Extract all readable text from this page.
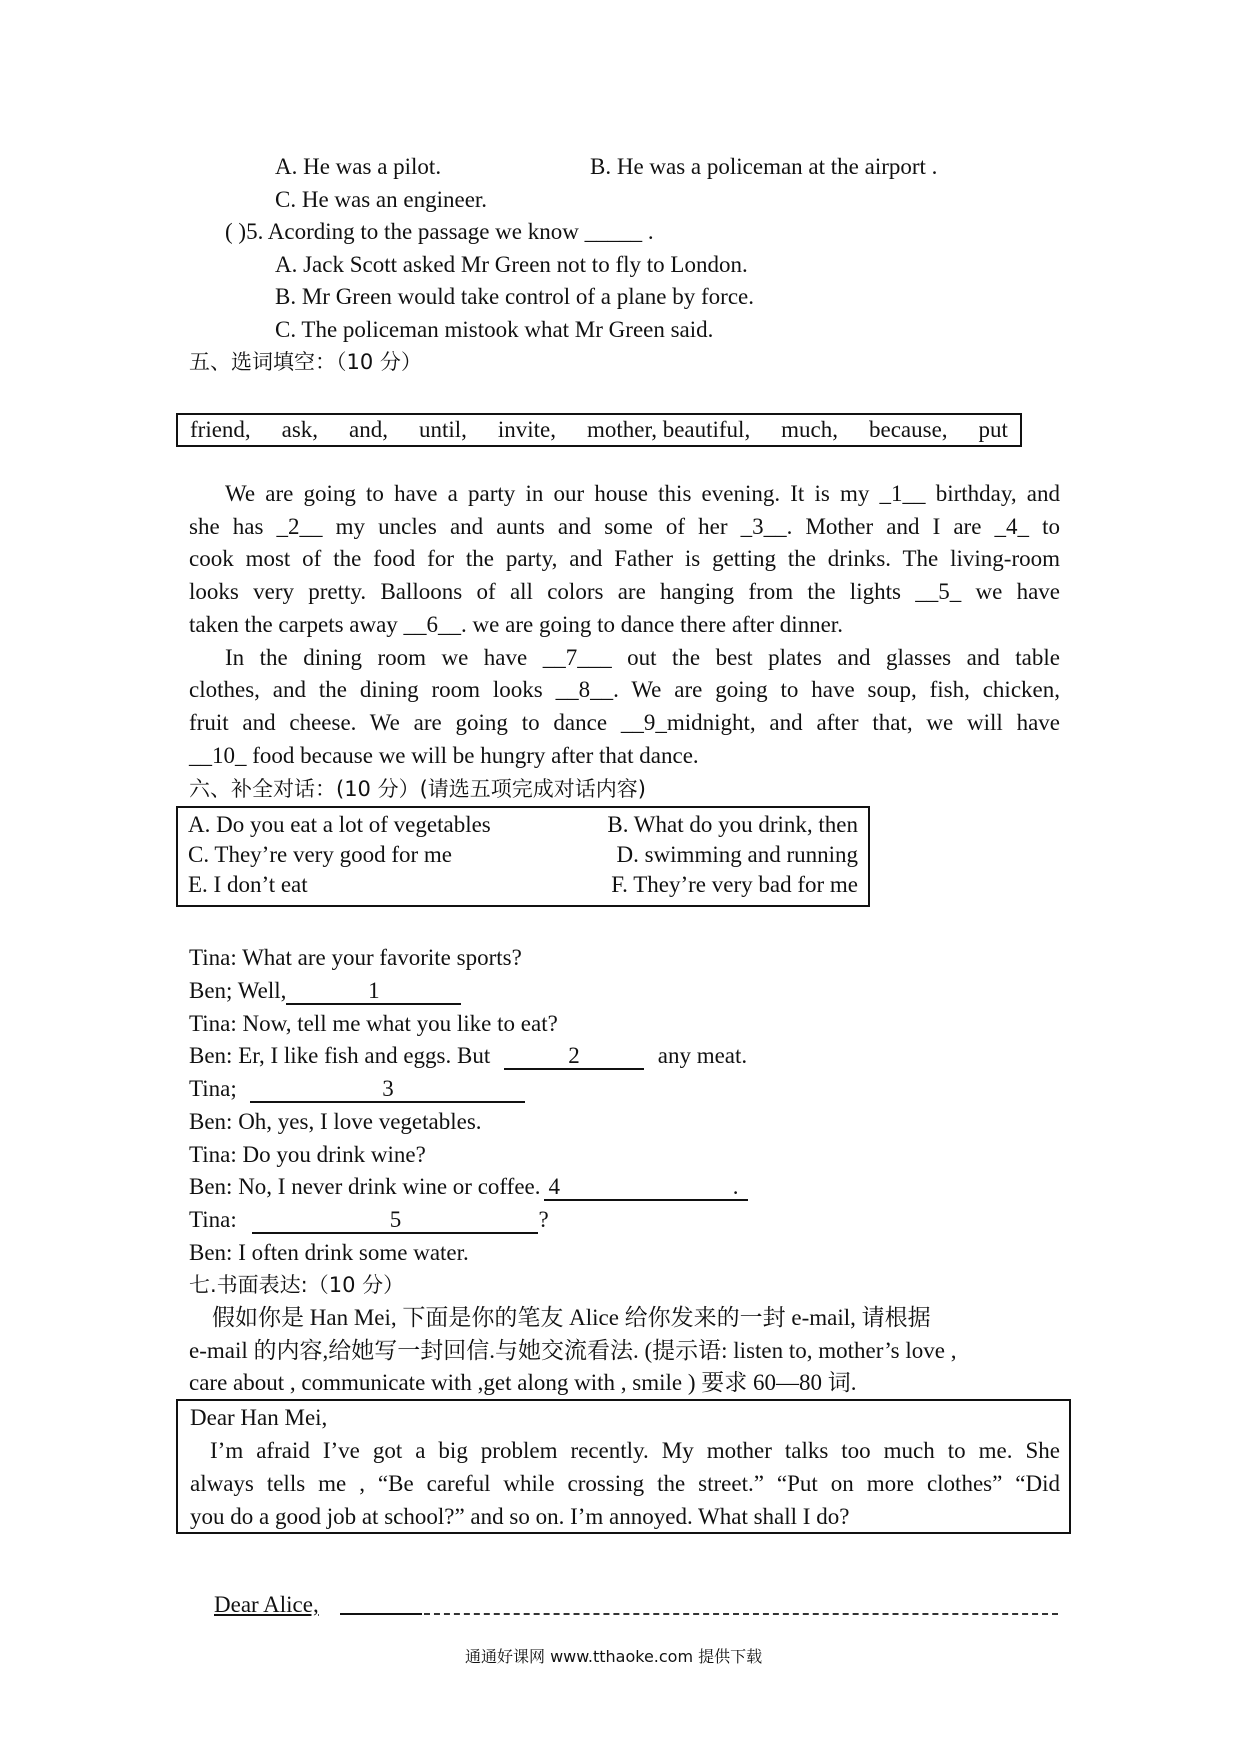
A. He was a pilot.	B. He was a policeman at the airport .
C. He was an engineer.
( )5. Acording to the passage we know _____ .
A. Jack Scott asked Mr Green not to fly to London.
B. Mr Green would take control of a plane by force.
C. The policeman mistook what Mr Green said.
五、选词填空：（10 分）
friend, ask, and, until, invite, mother, beautiful, much, because, put
We are going to have a party in our house this evening. It is my _1__ birthday, and
she has _2__ my uncles and aunts and some of her _3__. Mother and I are _4_ to
cook most of the food for the party, and Father is getting the drinks. The living-room
looks very pretty. Balloons of all colors are hanging from the lights __5_ we have
taken the carpets away __6__. we are going to dance there after dinner.
In the dining room we have __7___ out the best plates and glasses and table
clothes, and the dining room looks __8__. We are going to have soup, fish, chicken,
fruit and cheese. We are going to dance __9_midnight, and after that, we will have
__10_ food because we will be hungry after that dance.
六、补全对话：(10 分）(请选五项完成对话内容)
A. Do you eat a lot of vegetables	B. What do you drink, then
C. They’re very good for me	D. swimming and running
E. I don’t eat	F. They’re very bad for me
Tina: What are your favorite sports?
Ben; Well,	1
Tina: Now, tell me what you like to eat?
Ben: Er, I like fish and eggs. But	2	any meat.
Tina;	3
Ben: Oh, yes, I love vegetables.
Tina: Do you drink wine?
Ben: No, I never drink wine or coffee. 4	.
Tina:	5	?
Ben: I often drink some water.
七.书面表达:（10 分）
假如你是 Han Mei, 下面是你的笔友 Alice 给你发来的一封 e-mail, 请根据
e-mail 的内容,给她写一封回信.与她交流看法. (提示语: listen to, mother’s love ,
care about , communicate with ,get along with , smile ) 要求 60—80 词.
Dear Han Mei,
I’m afraid I’ve got a big problem recently. My mother talks too much to me. She
always tells me , “Be careful while crossing the street.” “Put on more clothes” “Did
you do a good job at school?” and so on. I’m annoyed. What shall I do?
Dear Alice,
通通好课网 www.tthaoke.com 提供下载
